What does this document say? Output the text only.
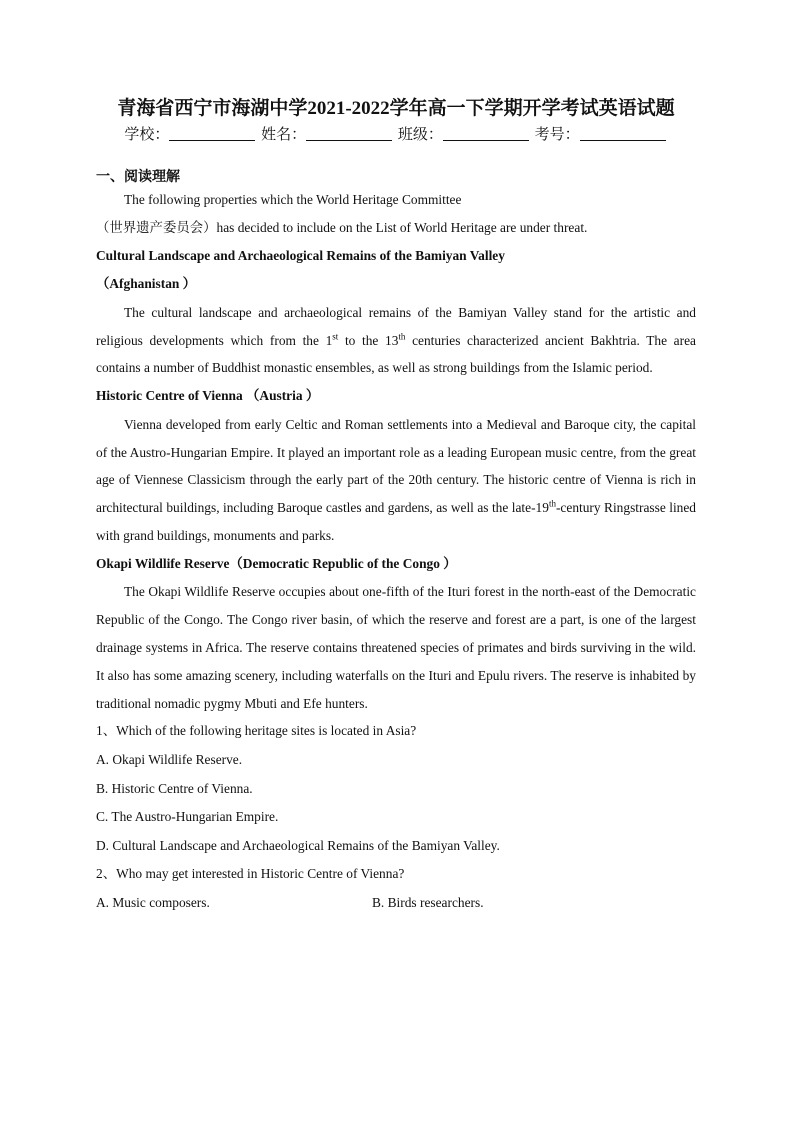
青海省西宁市海湖中学2021-2022学年高一下学期开学考试英语试题
学校：	姓名：	班级：	考号：
一、阅读理解

The following properties which the World Heritage Committee

（世界遗产委员会）has decided to include on the List of World Heritage are under threat.

Cultural Landscape and Archaeological Remains of the Bamiyan Valley

（Afghanistan ）

The cultural landscape and archaeological remains of the Bamiyan Valley stand for the artistic and religious developments which from the 1st to the 13th centuries characterized ancient Bakhtria. The area contains a number of Buddhist monastic ensembles, as well as strong buildings from the Islamic period.

Historic Centre of Vienna （Austria ）

Vienna developed from early Celtic and Roman settlements into a Medieval and Baroque city, the capital of the Austro-Hungarian Empire. It played an important role as a leading European music centre, from the great age of Viennese Classicism through the early part of the 20th century. The historic centre of Vienna is rich in architectural buildings, including Baroque castles and gardens, as well as the late-19th-century Ringstrasse lined with grand buildings, monuments and parks.

Okapi Wildlife Reserve（Democratic Republic of the Congo ）

The Okapi Wildlife Reserve occupies about one-fifth of the Ituri forest in the north-east of the Democratic Republic of the Congo. The Congo river basin, of which the reserve and forest are a part, is one of the largest drainage systems in Africa. The reserve contains threatened species of primates and birds surviving in the wild. It also has some amazing scenery, including waterfalls on the Ituri and Epulu rivers. The reserve is inhabited by traditional nomadic pygmy Mbuti and Efe hunters.

1、Which of the following heritage sites is located in Asia?

A. Okapi Wildlife Reserve.

B. Historic Centre of Vienna.

C. The Austro-Hungarian Empire.

D. Cultural Landscape and Archaeological Remains of the Bamiyan Valley.

2、Who may get interested in Historic Centre of Vienna?

A. Music composers.	B. Birds researchers.
